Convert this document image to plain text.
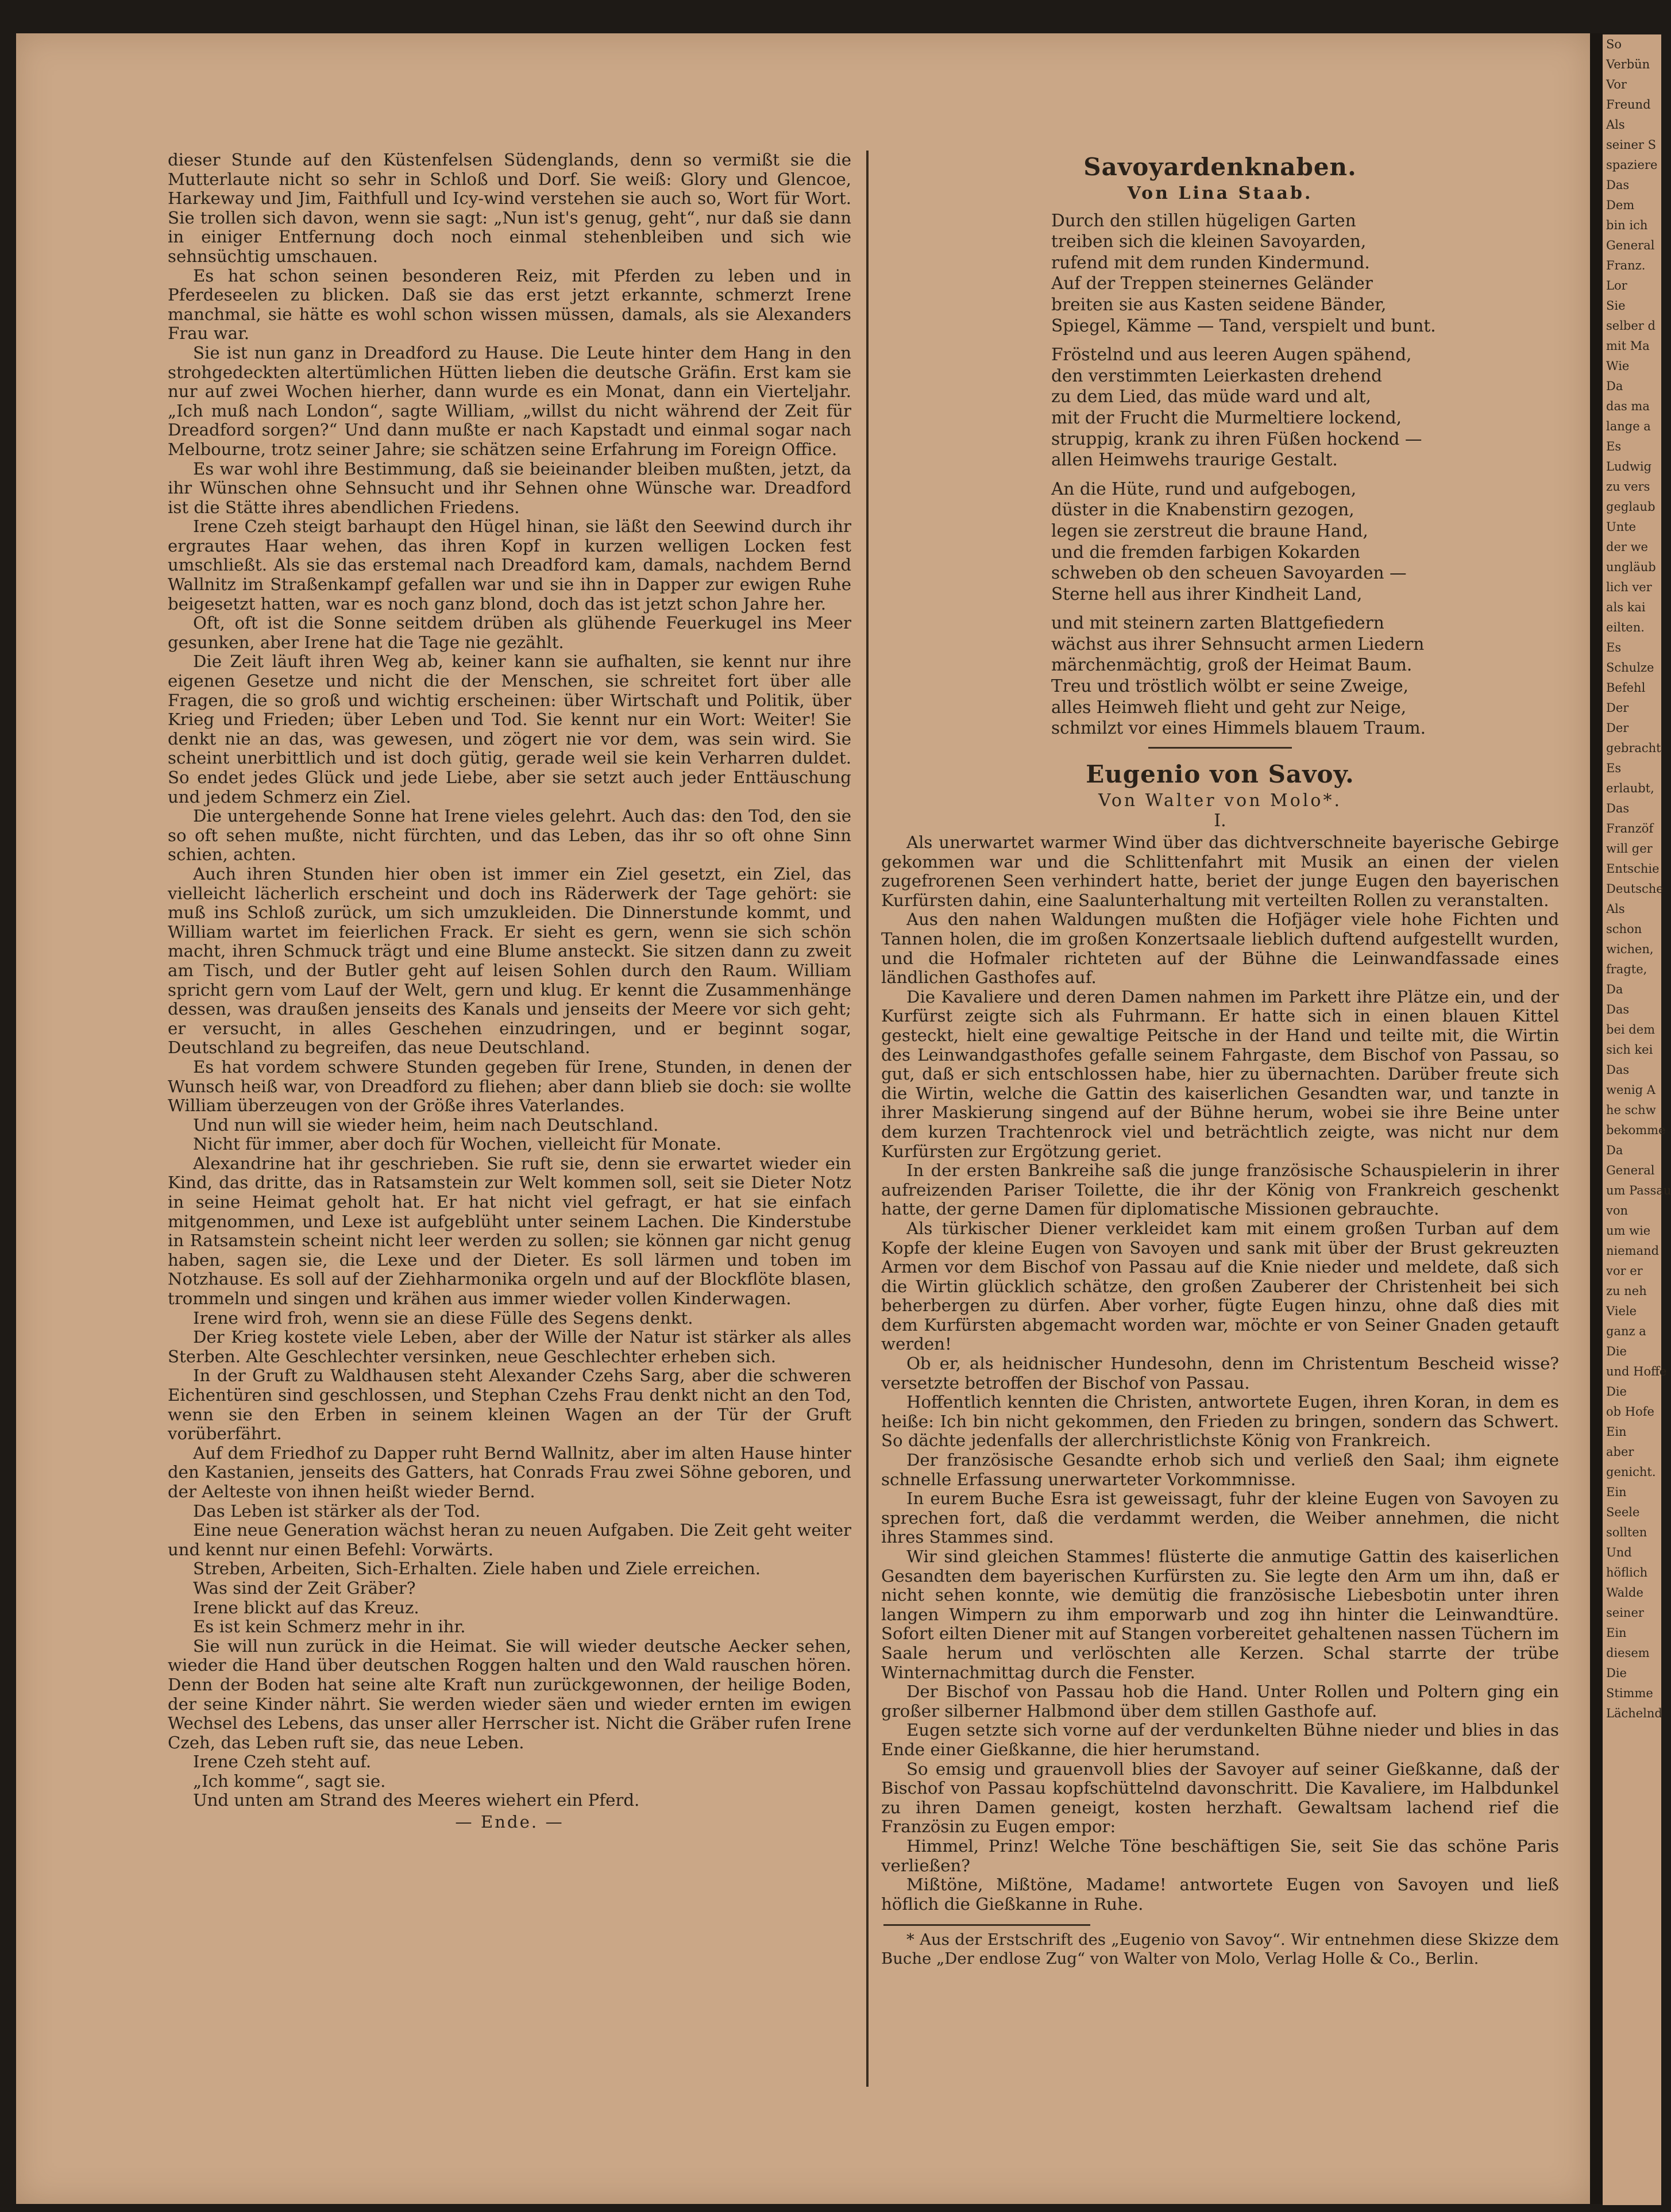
So
Verbün
Vor
Freund
Als
seiner S
spaziere
Das
Dem
bin ich
General
Franz.
Lor
Sie
selber d
mit Ma
Wie
Da
das ma
lange a
Es
Ludwig
zu vers
geglaub
Unte
der we
ungläub
lich ver
als kai
eilten.
Es
Schulze
Befehl
Der
Der
gebracht
Es
erlaubt,
Das
Franzöf
will ger
Entschie
Deutsche
Als
schon
wichen,
fragte,
Da
Das
bei dem
sich kei
Das
wenig A
he schw
bekomme
Da
General
um Passau
von
um wie
niemand
vor er
zu neh
Viele
ganz a
Die
und Hoffe
Die
ob Hofe
Ein
aber
genicht.
Ein
Seele
sollten
Und
höflich
Walde
seiner
Ein
diesem
Die
Stimme
Lächelnd

dieser Stunde auf den Küstenfelsen Südenglands, denn so vermißt sie die Mutterlaute nicht so sehr in Schloß und Dorf. Sie weiß: Glory und Glencoe, Harkeway und Jim, Faithfull und Icy-wind verstehen sie auch so, Wort für Wort. Sie trollen sich davon, wenn sie sagt: „Nun ist's genug, geht“, nur daß sie dann in einiger Entfernung doch noch einmal stehenbleiben und sich wie sehnsüchtig umschauen.

Es hat schon seinen besonderen Reiz, mit Pferden zu leben und in Pferdeseelen zu blicken. Daß sie das erst jetzt erkannte, schmerzt Irene manchmal, sie hätte es wohl schon wissen müssen, damals, als sie Alexanders Frau war.

Sie ist nun ganz in Dreadford zu Hause. Die Leute hinter dem Hang in den strohgedeckten altertümlichen Hütten lieben die deutsche Gräfin. Erst kam sie nur auf zwei Wochen hierher, dann wurde es ein Monat, dann ein Vierteljahr. „Ich muß nach London“, sagte William, „willst du nicht während der Zeit für Dreadford sorgen?“ Und dann mußte er nach Kapstadt und einmal sogar nach Melbourne, trotz seiner Jahre; sie schätzen seine Erfahrung im Foreign Office.

Es war wohl ihre Bestimmung, daß sie beieinander bleiben mußten, jetzt, da ihr Wünschen ohne Sehnsucht und ihr Sehnen ohne Wünsche war. Dreadford ist die Stätte ihres abendlichen Friedens.

Irene Czeh steigt barhaupt den Hügel hinan, sie läßt den Seewind durch ihr ergrautes Haar wehen, das ihren Kopf in kurzen welligen Locken fest umschließt. Als sie das erstemal nach Dreadford kam, damals, nachdem Bernd Wallnitz im Straßenkampf gefallen war und sie ihn in Dapper zur ewigen Ruhe beigesetzt hatten, war es noch ganz blond, doch das ist jetzt schon Jahre her.

Oft, oft ist die Sonne seitdem drüben als glühende Feuerkugel ins Meer gesunken, aber Irene hat die Tage nie gezählt.

Die Zeit läuft ihren Weg ab, keiner kann sie aufhalten, sie kennt nur ihre eigenen Gesetze und nicht die der Menschen, sie schreitet fort über alle Fragen, die so groß und wichtig erscheinen: über Wirtschaft und Politik, über Krieg und Frieden; über Leben und Tod. Sie kennt nur ein Wort: Weiter! Sie denkt nie an das, was gewesen, und zögert nie vor dem, was sein wird. Sie scheint unerbittlich und ist doch gütig, gerade weil sie kein Verharren duldet. So endet jedes Glück und jede Liebe, aber sie setzt auch jeder Enttäuschung und jedem Schmerz ein Ziel.

Die untergehende Sonne hat Irene vieles gelehrt. Auch das: den Tod, den sie so oft sehen mußte, nicht fürchten, und das Leben, das ihr so oft ohne Sinn schien, achten.

Auch ihren Stunden hier oben ist immer ein Ziel gesetzt, ein Ziel, das vielleicht lächerlich erscheint und doch ins Räderwerk der Tage gehört: sie muß ins Schloß zurück, um sich umzukleiden. Die Dinnerstunde kommt, und William wartet im feierlichen Frack. Er sieht es gern, wenn sie sich schön macht, ihren Schmuck trägt und eine Blume ansteckt. Sie sitzen dann zu zweit am Tisch, und der Butler geht auf leisen Sohlen durch den Raum. William spricht gern vom Lauf der Welt, gern und klug. Er kennt die Zusammenhänge dessen, was draußen jenseits des Kanals und jenseits der Meere vor sich geht; er versucht, in alles Geschehen einzudringen, und er beginnt sogar, Deutschland zu begreifen, das neue Deutschland.

Es hat vordem schwere Stunden gegeben für Irene, Stunden, in denen der Wunsch heiß war, von Dreadford zu fliehen; aber dann blieb sie doch: sie wollte William überzeugen von der Größe ihres Vaterlandes.

Und nun will sie wieder heim, heim nach Deutschland.

Nicht für immer, aber doch für Wochen, vielleicht für Monate.

Alexandrine hat ihr geschrieben. Sie ruft sie, denn sie erwartet wieder ein Kind, das dritte, das in Ratsamstein zur Welt kommen soll, seit sie Dieter Notz in seine Heimat geholt hat. Er hat nicht viel gefragt, er hat sie einfach mitgenommen, und Lexe ist aufgeblüht unter seinem Lachen. Die Kinderstube in Ratsamstein scheint nicht leer werden zu sollen; sie können gar nicht genug haben, sagen sie, die Lexe und der Dieter. Es soll lärmen und toben im Notzhause. Es soll auf der Ziehharmonika orgeln und auf der Blockflöte blasen, trommeln und singen und krähen aus immer wieder vollen Kinderwagen.

Irene wird froh, wenn sie an diese Fülle des Segens denkt.

Der Krieg kostete viele Leben, aber der Wille der Natur ist stärker als alles Sterben. Alte Geschlechter versinken, neue Geschlechter erheben sich.

In der Gruft zu Waldhausen steht Alexander Czehs Sarg, aber die schweren Eichentüren sind geschlossen, und Stephan Czehs Frau denkt nicht an den Tod, wenn sie den Erben in seinem kleinen Wagen an der Tür der Gruft vorüberfährt.

Auf dem Friedhof zu Dapper ruht Bernd Wallnitz, aber im alten Hause hinter den Kastanien, jenseits des Gatters, hat Conrads Frau zwei Söhne geboren, und der Aelteste von ihnen heißt wieder Bernd.

Das Leben ist stärker als der Tod.

Eine neue Generation wächst heran zu neuen Aufgaben. Die Zeit geht weiter und kennt nur einen Befehl: Vorwärts.

Streben, Arbeiten, Sich-Erhalten. Ziele haben und Ziele erreichen.

Was sind der Zeit Gräber?

Irene blickt auf das Kreuz.

Es ist kein Schmerz mehr in ihr.

Sie will nun zurück in die Heimat. Sie will wieder deutsche Aecker sehen, wieder die Hand über deutschen Roggen halten und den Wald rauschen hören. Denn der Boden hat seine alte Kraft nun zurückgewonnen, der heilige Boden, der seine Kinder nährt. Sie werden wieder säen und wieder ernten im ewigen Wechsel des Lebens, das unser aller Herrscher ist. Nicht die Gräber rufen Irene Czeh, das Leben ruft sie, das neue Leben.

Irene Czeh steht auf.

„Ich komme“, sagt sie.

Und unten am Strand des Meeres wiehert ein Pferd.

— Ende. —
Savoyardenknaben.
Von Lina Staab.
Durch den stillen hügeligen Garten
treiben sich die kleinen Savoyarden,
rufend mit dem runden Kindermund.
Auf der Treppen steinernes Geländer
breiten sie aus Kasten seidene Bänder,
Spiegel, Kämme — Tand, verspielt und bunt.
Fröstelnd und aus leeren Augen spähend,
den verstimmten Leierkasten drehend
zu dem Lied, das müde ward und alt,
mit der Frucht die Murmeltiere lockend,
struppig, krank zu ihren Füßen hockend —
allen Heimwehs traurige Gestalt.
An die Hüte, rund und aufgebogen,
düster in die Knabenstirn gezogen,
legen sie zerstreut die braune Hand,
und die fremden farbigen Kokarden
schweben ob den scheuen Savoyarden —
Sterne hell aus ihrer Kindheit Land,
und mit steinern zarten Blattgefiedern
wächst aus ihrer Sehnsucht armen Liedern
märchenmächtig, groß der Heimat Baum.
Treu und tröstlich wölbt er seine Zweige,
alles Heimweh flieht und geht zur Neige,
schmilzt vor eines Himmels blauem Traum.
Eugenio von Savoy.
Von Walter von Molo*.
I.

Als unerwartet warmer Wind über das dichtverschneite bayerische Gebirge gekommen war und die Schlittenfahrt mit Musik an einen der vielen zugefrorenen Seen verhindert hatte, beriet der junge Eugen den bayerischen Kurfürsten dahin, eine Saalunterhaltung mit verteilten Rollen zu veranstalten.

Aus den nahen Waldungen mußten die Hofjäger viele hohe Fichten und Tannen holen, die im großen Konzertsaale lieblich duftend aufgestellt wurden, und die Hofmaler richteten auf der Bühne die Leinwandfassade eines ländlichen Gasthofes auf.

Die Kavaliere und deren Damen nahmen im Parkett ihre Plätze ein, und der Kurfürst zeigte sich als Fuhrmann. Er hatte sich in einen blauen Kittel gesteckt, hielt eine gewaltige Peitsche in der Hand und teilte mit, die Wirtin des Leinwandgasthofes gefalle seinem Fahrgaste, dem Bischof von Passau, so gut, daß er sich entschlossen habe, hier zu übernachten. Darüber freute sich die Wirtin, welche die Gattin des kaiserlichen Gesandten war, und tanzte in ihrer Maskierung singend auf der Bühne herum, wobei sie ihre Beine unter dem kurzen Trachtenrock viel und beträchtlich zeigte, was nicht nur dem Kurfürsten zur Ergötzung geriet.

In der ersten Bankreihe saß die junge französische Schauspielerin in ihrer aufreizenden Pariser Toilette, die ihr der König von Frankreich geschenkt hatte, der gerne Damen für diplomatische Missionen gebrauchte.

Als türkischer Diener verkleidet kam mit einem großen Turban auf dem Kopfe der kleine Eugen von Savoyen und sank mit über der Brust gekreuzten Armen vor dem Bischof von Passau auf die Knie nieder und meldete, daß sich die Wirtin glücklich schätze, den großen Zauberer der Christenheit bei sich beherbergen zu dürfen. Aber vorher, fügte Eugen hinzu, ohne daß dies mit dem Kurfürsten abgemacht worden war, möchte er von Seiner Gnaden getauft werden!

Ob er, als heidnischer Hundesohn, denn im Christentum Bescheid wisse? versetzte betroffen der Bischof von Passau.

Hoffentlich kennten die Christen, antwortete Eugen, ihren Koran, in dem es heiße: Ich bin nicht gekommen, den Frieden zu bringen, sondern das Schwert. So dächte jedenfalls der allerchristlichste König von Frankreich.

Der französische Gesandte erhob sich und verließ den Saal; ihm eignete schnelle Erfassung unerwarteter Vorkommnisse.

In eurem Buche Esra ist geweissagt, fuhr der kleine Eugen von Savoyen zu sprechen fort, daß die verdammt werden, die Weiber annehmen, die nicht ihres Stammes sind.

Wir sind gleichen Stammes! flüsterte die anmutige Gattin des kaiserlichen Gesandten dem bayerischen Kurfürsten zu. Sie legte den Arm um ihn, daß er nicht sehen konnte, wie demütig die französische Liebesbotin unter ihren langen Wimpern zu ihm emporwarb und zog ihn hinter die Leinwandtüre. Sofort eilten Diener mit auf Stangen vorbereitet gehaltenen nassen Tüchern im Saale herum und verlöschten alle Kerzen. Schal starrte der trübe Winternachmittag durch die Fenster.

Der Bischof von Passau hob die Hand. Unter Rollen und Poltern ging ein großer silberner Halbmond über dem stillen Gasthofe auf.

Eugen setzte sich vorne auf der verdunkelten Bühne nieder und blies in das Ende einer Gießkanne, die hier herumstand.

So emsig und grauenvoll blies der Savoyer auf seiner Gießkanne, daß der Bischof von Passau kopfschüttelnd davonschritt. Die Kavaliere, im Halbdunkel zu ihren Damen geneigt, kosten herzhaft. Gewaltsam lachend rief die Französin zu Eugen empor:

Himmel, Prinz! Welche Töne beschäftigen Sie, seit Sie das schöne Paris verließen?

Mißtöne, Mißtöne, Madame! antwortete Eugen von Savoyen und ließ höflich die Gießkanne in Ruhe.

* Aus der Erstschrift des „Eugenio von Savoy“. Wir entnehmen diese Skizze dem Buche „Der endlose Zug“ von Walter von Molo, Verlag Holle & Co., Berlin.
